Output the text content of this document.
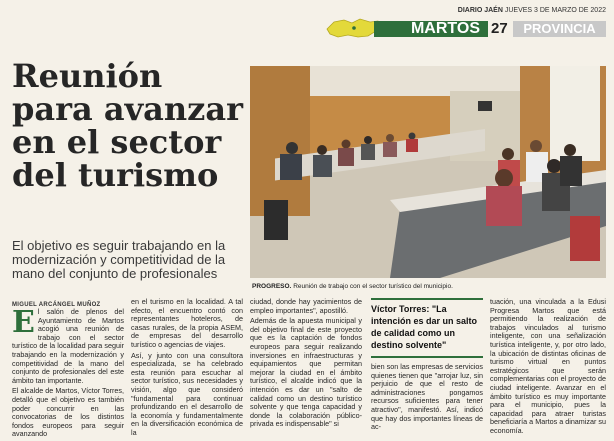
DIARIO JAÉN JUEVES 3 DE MARZO DE 2022
MARTOS 27	PROVINCIA
Reunión para avanzar en el sector del turismo
El objetivo es seguir trabajando en la modernización y competitividad de la mano del conjunto de profesionales
MIGUEL ARCÁNGEL MUÑOZ
PROGRESO. Reunión de trabajo con el sector turístico del municipio.

El salón de plenos del Ayuntamiento de Martos acogió una reunión de trabajo con el sector turístico de la localidad para seguir trabajando en la modernización y competitividad de la mano del conjunto de profesionales del este ámbito tan importante.

El alcalde de Martos, Víctor Torres, detalló que el objetivo es también poder concurrir en las convocatorias de los distintos fondos europeos para seguir avanzando

en el turismo en la localidad. A tal efecto, el encuentro contó con representantes hoteleros, de casas rurales, de la propia ASEM, de empresas del desarrollo turístico o agencias de viajes.

Así, y junto con una consultora especializada, se ha celebrado esta reunión para escuchar al sector turístico, sus necesidades y visión, algo que consideró "fundamental para continuar profundizando en el desarrollo de la economía y fundamentalmente en la diversificación económica de la

ciudad, donde hay yacimientos de empleo importantes", apostilló.

Además de la apuesta municipal y del objetivo final de este proyecto que es la captación de fondos europeos para seguir realizando inversiones en infraestructuras y equipamientos que permitan mejorar la ciudad en el ámbito turístico, el alcalde indicó que la intención es dar un "salto de calidad como un destino turístico solvente y que tenga capacidad y donde la colaboración público-privada es indispensable" si

Víctor Torres: "La intención es dar un salto de calidad como un destino solvente"

bien son las empresas de servicios quienes tienen que "arrojar luz, sin perjuicio de que el resto de administraciones pongamos recursos suficientes para tener atractivo", manifestó. Así, indicó que hay dos importantes líneas de ac-

tuación, una vinculada a la Edusi Progresa Martos que está permitiendo la realización de trabajos vinculados al turismo inteligente, con una señalización turística inteligente, y, por otro lado, la ubicación de distintas oficinas de turismo virtual en puntos estratégicos que serán complementarias con el proyecto de ciudad inteligente. Avanzar en el ámbito turístico es muy importante para el municipio, pues la capacidad para atraer turistas beneficiaría a Martos a dinamizar su economía.
